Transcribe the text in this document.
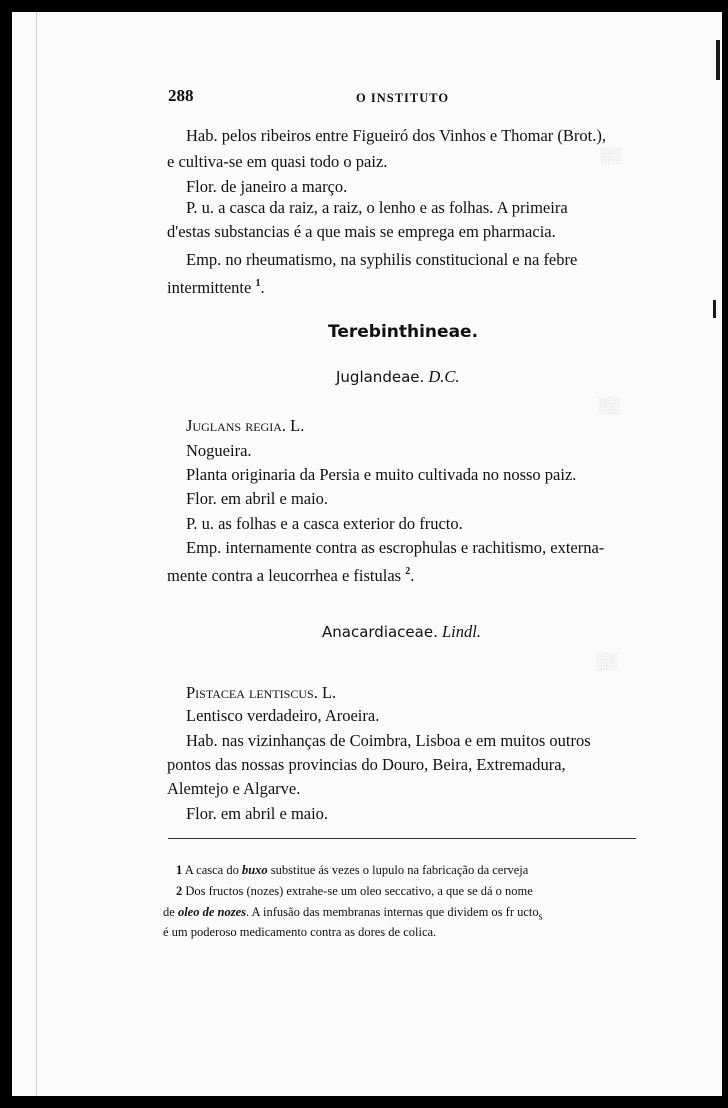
░░
░░
░░
288	O INSTITUTO
Hab. pelos ribeiros entre Figueiró dos Vinhos e Thomar (Brot.),
e cultiva-se em quasi todo o paiz.
Flor. de janeiro a março.
P. u. a casca da raiz, a raiz, o lenho e as folhas. A primeira
d'estas substancias é a que mais se emprega em pharmacia.
Emp. no rheumatismo, na syphilis constitucional e na febre
intermittente $^1$.
Terebinthineae.
Juglandeae. D.C.
Juglans regia. L.
Nogueira.
Planta originaria da Persia e muito cultivada no nosso paiz.
Flor. em abril e maio.
P. u. as folhas e a casca exterior do fructo.
Emp. internamente contra as escrophulas e rachitismo, externa-
mente contra a leucorrhea e fistulas $^2$.
Anacardiaceae. Lindl.
Pistacea lentiscus. L.
Lentisco verdadeiro, Aroeira.
Hab. nas vizinhanças de Coimbra, Lisboa e em muitos outros
pontos das nossas provincias do Douro, Beira, Extremadura,
Alemtejo e Algarve.
Flor. em abril e maio.
1 A casca do buxo substitue ás vezes o lupulo na fabricação da cerveja
2 Dos fructos (nozes) extrahe-se um oleo seccativo, a que se dá o nome
de oleo de nozes. A infusão das membranas internas que dividem os fr ucto$_s$
é um poderoso medicamento contra as dores de colica.
